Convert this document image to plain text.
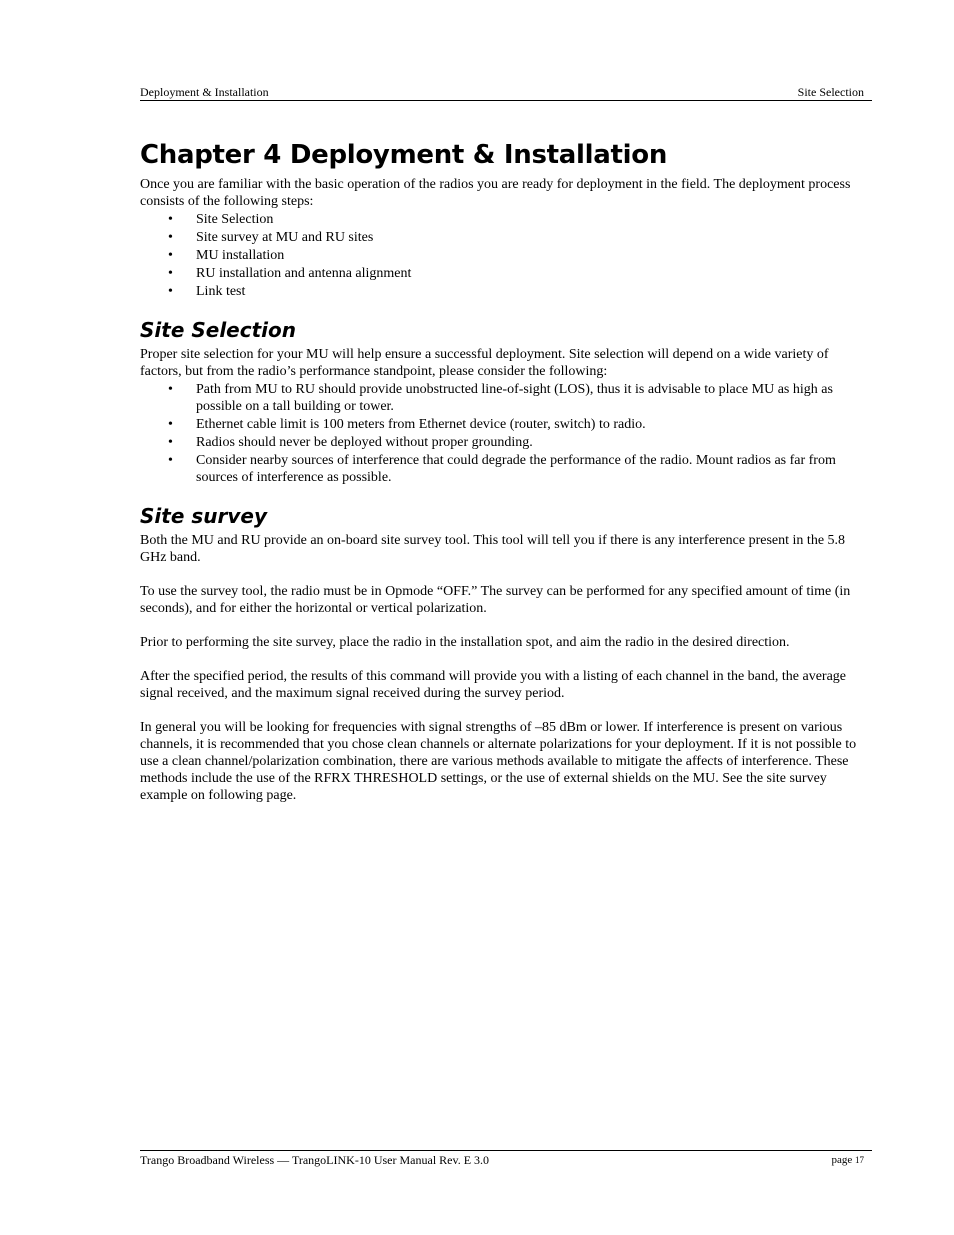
Deployment & Installation	Site Selection
Chapter 4 Deployment & Installation

Once you are familiar with the basic operation of the radios you are ready for deployment in the field. The deployment process consists of the following steps:

• Site Selection
• Site survey at MU and RU sites
• MU installation
• RU installation and antenna alignment
• Link test
Site Selection

Proper site selection for your MU will help ensure a successful deployment. Site selection will depend on a wide variety of factors, but from the radio’s performance standpoint, please consider the following:

• Path from MU to RU should provide unobstructed line-of-sight (LOS), thus it is advisable to place MU as high as possible on a tall building or tower.
• Ethernet cable limit is 100 meters from Ethernet device (router, switch) to radio.
• Radios should never be deployed without proper grounding.
• Consider nearby sources of interference that could degrade the performance of the radio. Mount radios as far from sources of interference as possible.
Site survey

Both the MU and RU provide an on-board site survey tool. This tool will tell you if there is any interference present in the 5.8 GHz band.

To use the survey tool, the radio must be in Opmode “OFF.” The survey can be performed for any specified amount of time (in seconds), and for either the horizontal or vertical polarization.

Prior to performing the site survey, place the radio in the installation spot, and aim the radio in the desired direction.

After the specified period, the results of this command will provide you with a listing of each channel in the band, the average signal received, and the maximum signal received during the survey period.

In general you will be looking for frequencies with signal strengths of –85 dBm or lower. If interference is present on various channels, it is recommended that you chose clean channels or alternate polarizations for your deployment. If it is not possible to use a clean channel/polarization combination, there are various methods available to mitigate the affects of interference. These methods include the use of the RFRX THRESHOLD settings, or the use of external shields on the MU. See the site survey example on following page.

Trango Broadband Wireless — TrangoLINK-10 User Manual Rev. E 3.0	page 17
